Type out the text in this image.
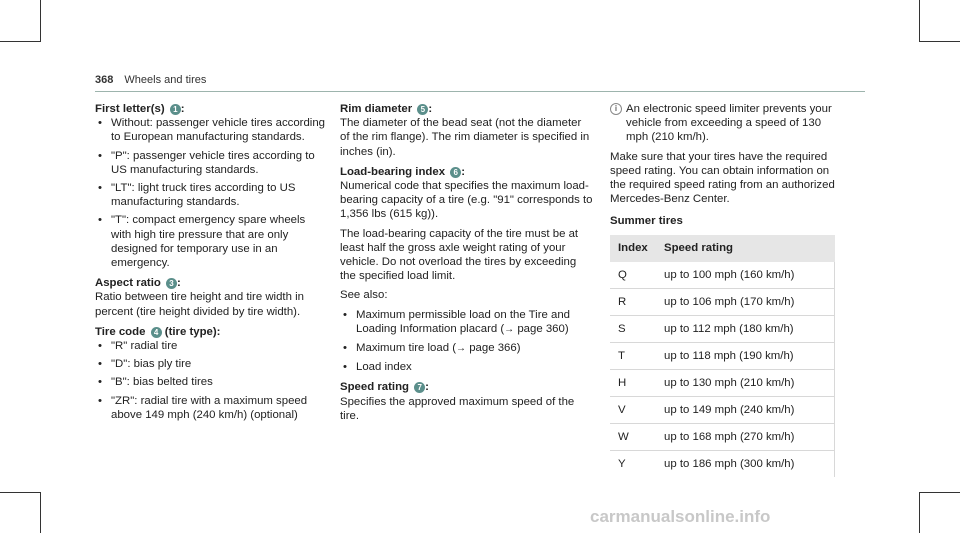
368 Wheels and tires
First letter(s) 1 :
• Without: passenger vehicle tires according to European manufacturing standards.
• "P": passenger vehicle tires according to US manufacturing standards.
• "LT": light truck tires according to US manufacturing standards.
• "T": compact emergency spare wheels with high tire pressure that are only designed for temporary use in an emergency.
Aspect ratio 3 :

Ratio between tire height and tire width in percent (tire height divided by tire width).

Tire code 4 (tire type):
• "R" radial tire
• "D": bias ply tire
• "B": bias belted tires
• "ZR": radial tire with a maximum speed above 149 mph (240 km/h) (optional)
Rim diameter 5 :

The diameter of the bead seat (not the diameter of the rim flange). The rim diameter is specified in inches (in).

Load-bearing index 6 :

Numerical code that specifies the maximum load-bearing capacity of a tire (e.g. "91" corresponds to 1,356 lbs (615 kg)).

The load-bearing capacity of the tire must be at least half the gross axle weight rating of your vehicle. Do not overload the tires by exceeding the specified load limit.

See also:

• Maximum permissible load on the Tire and Loading Information placard (→ page 360)
• Maximum tire load (→ page 366)
• Load index
Speed rating 7 :

Specifies the approved maximum speed of the tire.

i An electronic speed limiter prevents your vehicle from exceeding a speed of 130 mph (210 km/h).

Make sure that your tires have the required speed rating. You can obtain information on the required speed rating from an authorized Mercedes-Benz Center.

Summer tires
Index	Speed rating
Q	up to 100 mph (160 km/h)
R	up to 106 mph (170 km/h)
S	up to 112 mph (180 km/h)
T	up to 118 mph (190 km/h)
H	up to 130 mph (210 km/h)
V	up to 149 mph (240 km/h)
W	up to 168 mph (270 km/h)
Y	up to 186 mph (300 km/h)
carmanualsonline.info
